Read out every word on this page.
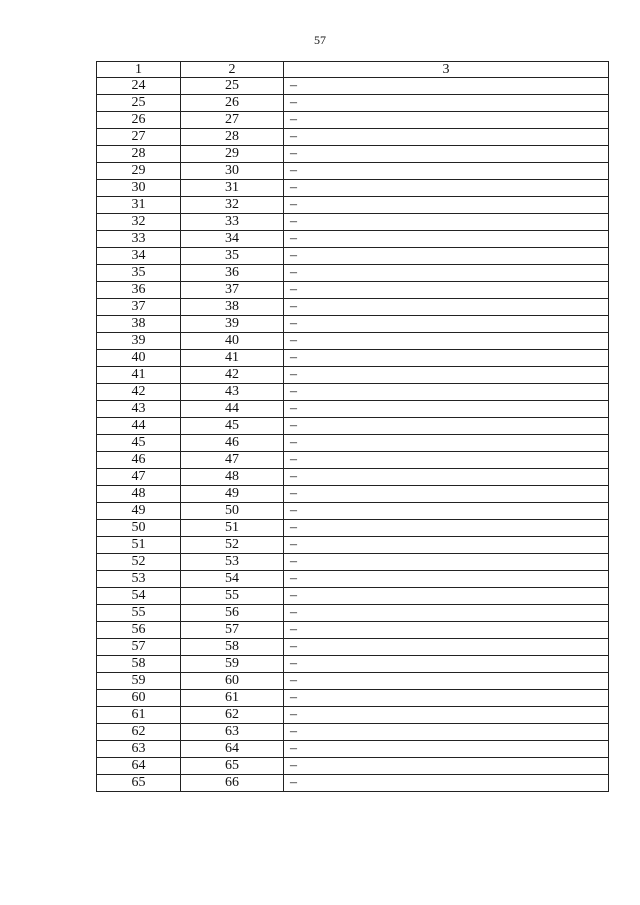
57
1	2	3
24	25	–
25	26	–
26	27	–
27	28	–
28	29	–
29	30	–
30	31	–
31	32	–
32	33	–
33	34	–
34	35	–
35	36	–
36	37	–
37	38	–
38	39	–
39	40	–
40	41	–
41	42	–
42	43	–
43	44	–
44	45	–
45	46	–
46	47	–
47	48	–
48	49	–
49	50	–
50	51	–
51	52	–
52	53	–
53	54	–
54	55	–
55	56	–
56	57	–
57	58	–
58	59	–
59	60	–
60	61	–
61	62	–
62	63	–
63	64	–
64	65	–
65	66	–
